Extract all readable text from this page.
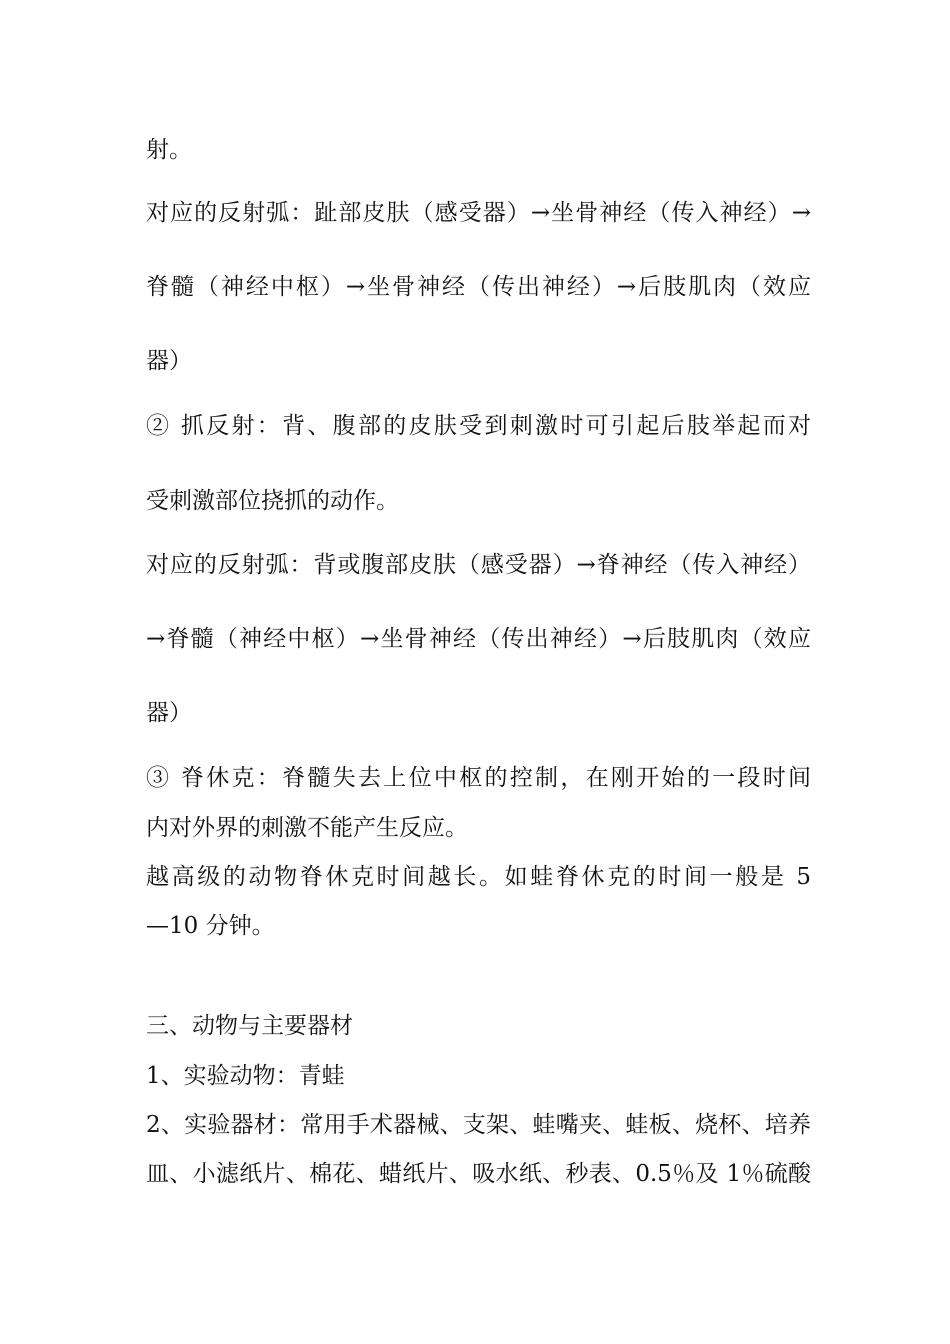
射。
对应的反射弧：趾部皮肤（感受器）→坐骨神经（传入神经）→
脊髓（神经中枢）→坐骨神经（传出神经）→后肢肌肉（效应
器）
② 抓反射：背、腹部的皮肤受到刺激时可引起后肢举起而对
受刺激部位挠抓的动作。
对应的反射弧：背或腹部皮肤（感受器）→脊神经（传入神经）
→脊髓（神经中枢）→坐骨神经（传出神经）→后肢肌肉（效应
器）
③ 脊休克：脊髓失去上位中枢的控制，在刚开始的一段时间
内对外界的刺激不能产生反应。
越高级的动物脊休克时间越长。如蛙脊休克的时间一般是 5
—10 分钟。
三、动物与主要器材
1、实验动物：青蛙
2、实验器材：常用手术器械、支架、蛙嘴夹、蛙板、烧杯、培养
皿、小滤纸片、棉花、蜡纸片、吸水纸、秒表、0.5％及 1％硫酸
